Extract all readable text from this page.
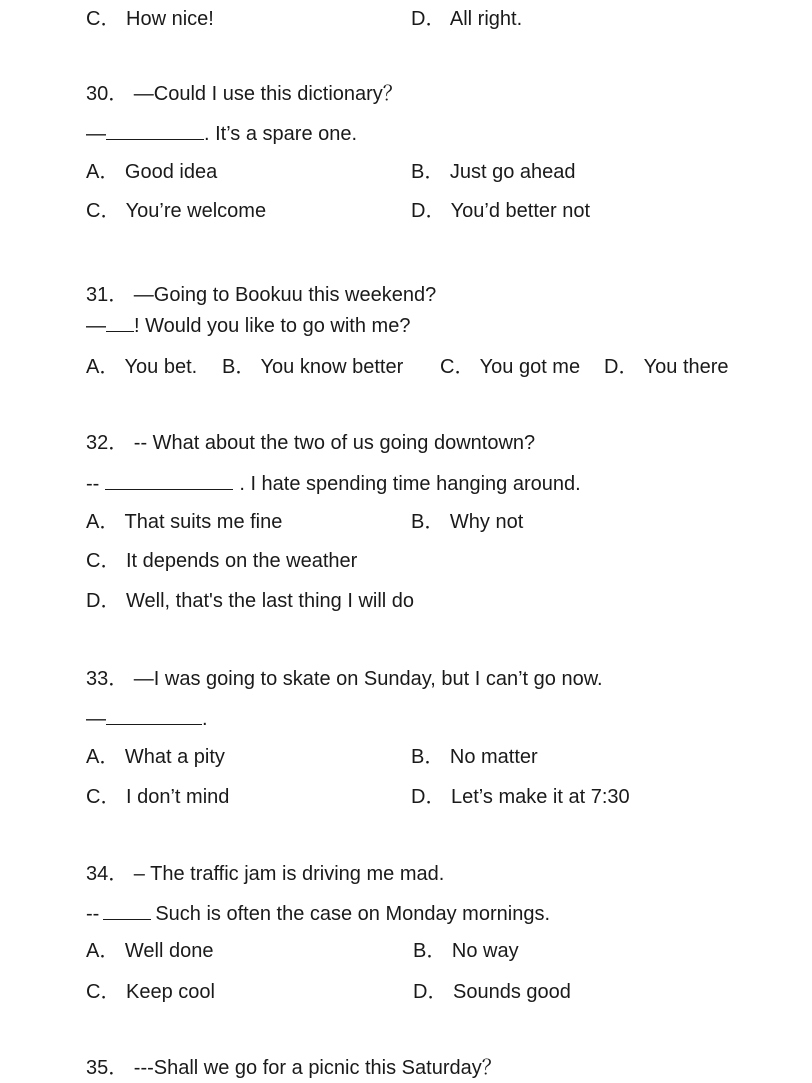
C． How nice!	D． All right.
30． —Could I use this dictionary？
—	. It’s a spare one.
A． Good idea	B． Just go ahead
C． You’re welcome	D． You’d better not
31． —Going to Bookuu this weekend?
— ! Would you like to go with me?
A． You bet. B． You know better C． You got me D． You there
32． -- What about the two of us going downtown?
--	. I hate spending time hanging around.
A． That suits me fine	B． Why not
C． It depends on the weather
D． Well, that's the last thing I will do
33． —I was going to skate on Sunday, but I can’t go now.
—	.
A． What a pity	B． No matter
C． I don’t mind	D． Let’s make it at 7:30
34． – The traffic jam is driving me mad.
--	Such is often the case on Monday mornings.
A． Well done	B． No way
C． Keep cool	D． Sounds good
35． ---Shall we go for a picnic this Saturday？
